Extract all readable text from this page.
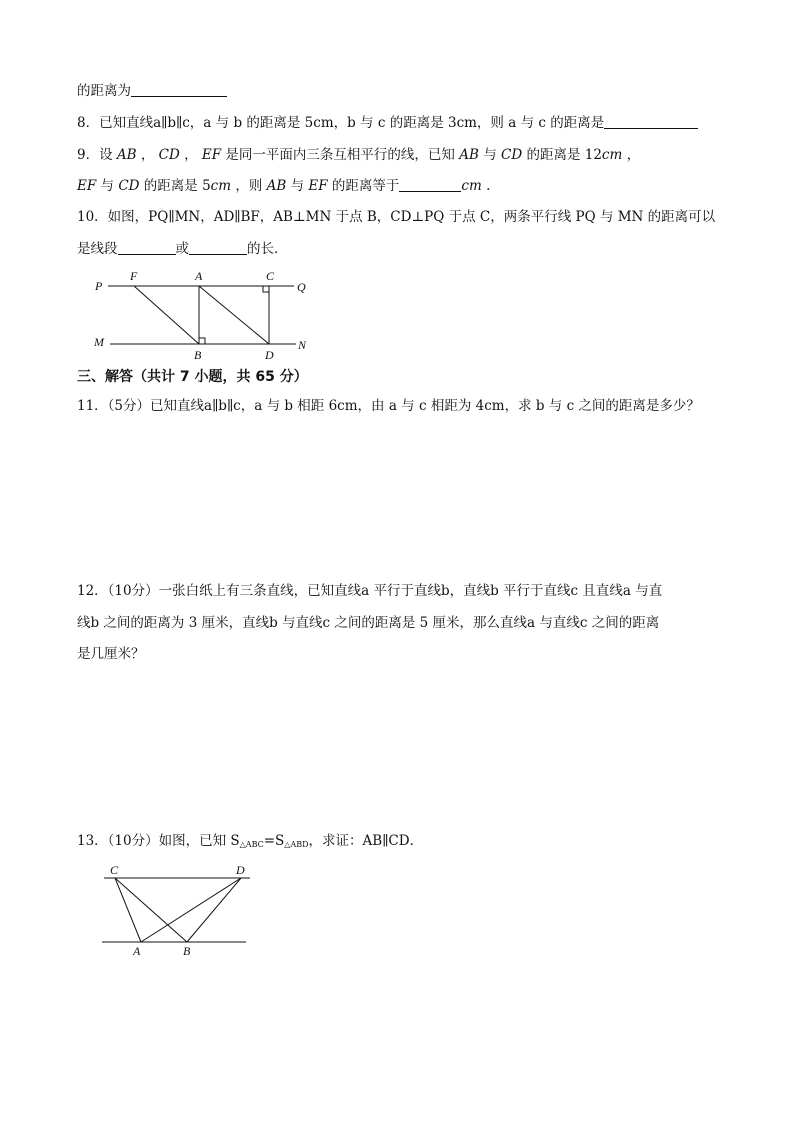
的距离为
8．已知直线a∥b∥c，a 与 b 的距离是 5cm，b 与 c 的距离是 3cm，则 a 与 c 的距离是
9．设 AB ， CD ， EF 是同一平面内三条互相平行的线，已知 AB 与 CD 的距离是 12cm ，
EF 与 CD 的距离是 5cm ，则 AB 与 EF 的距离等于	cm .
10．如图，PQ∥MN，AD∥BF，AB⊥MN 于点 B，CD⊥PQ 于点 C，两条平行线 PQ 与 MN 的距离可以
是线段	或	的长．
P
F	A	C
Q
M
B	D
N
三、解答（共计 7 小题，共 65 分）
11．（5分）已知直线a∥b∥c，a 与 b 相距 6cm，由 a 与 c 相距为 4cm，求 b 与 c 之间的距离是多少？
12．（10分）一张白纸上有三条直线，已知直线a 平行于直线b，直线b 平行于直线c 且直线a 与直
线b 之间的距离为 3 厘米，直线b 与直线c 之间的距离是 5 厘米，那么直线a 与直线c 之间的距离
是几厘米？
13．（10分）如图，已知 $S_{\triangle ABC}=S_{\triangle ABD}$，求证：AB∥CD．
C	D
A	B
